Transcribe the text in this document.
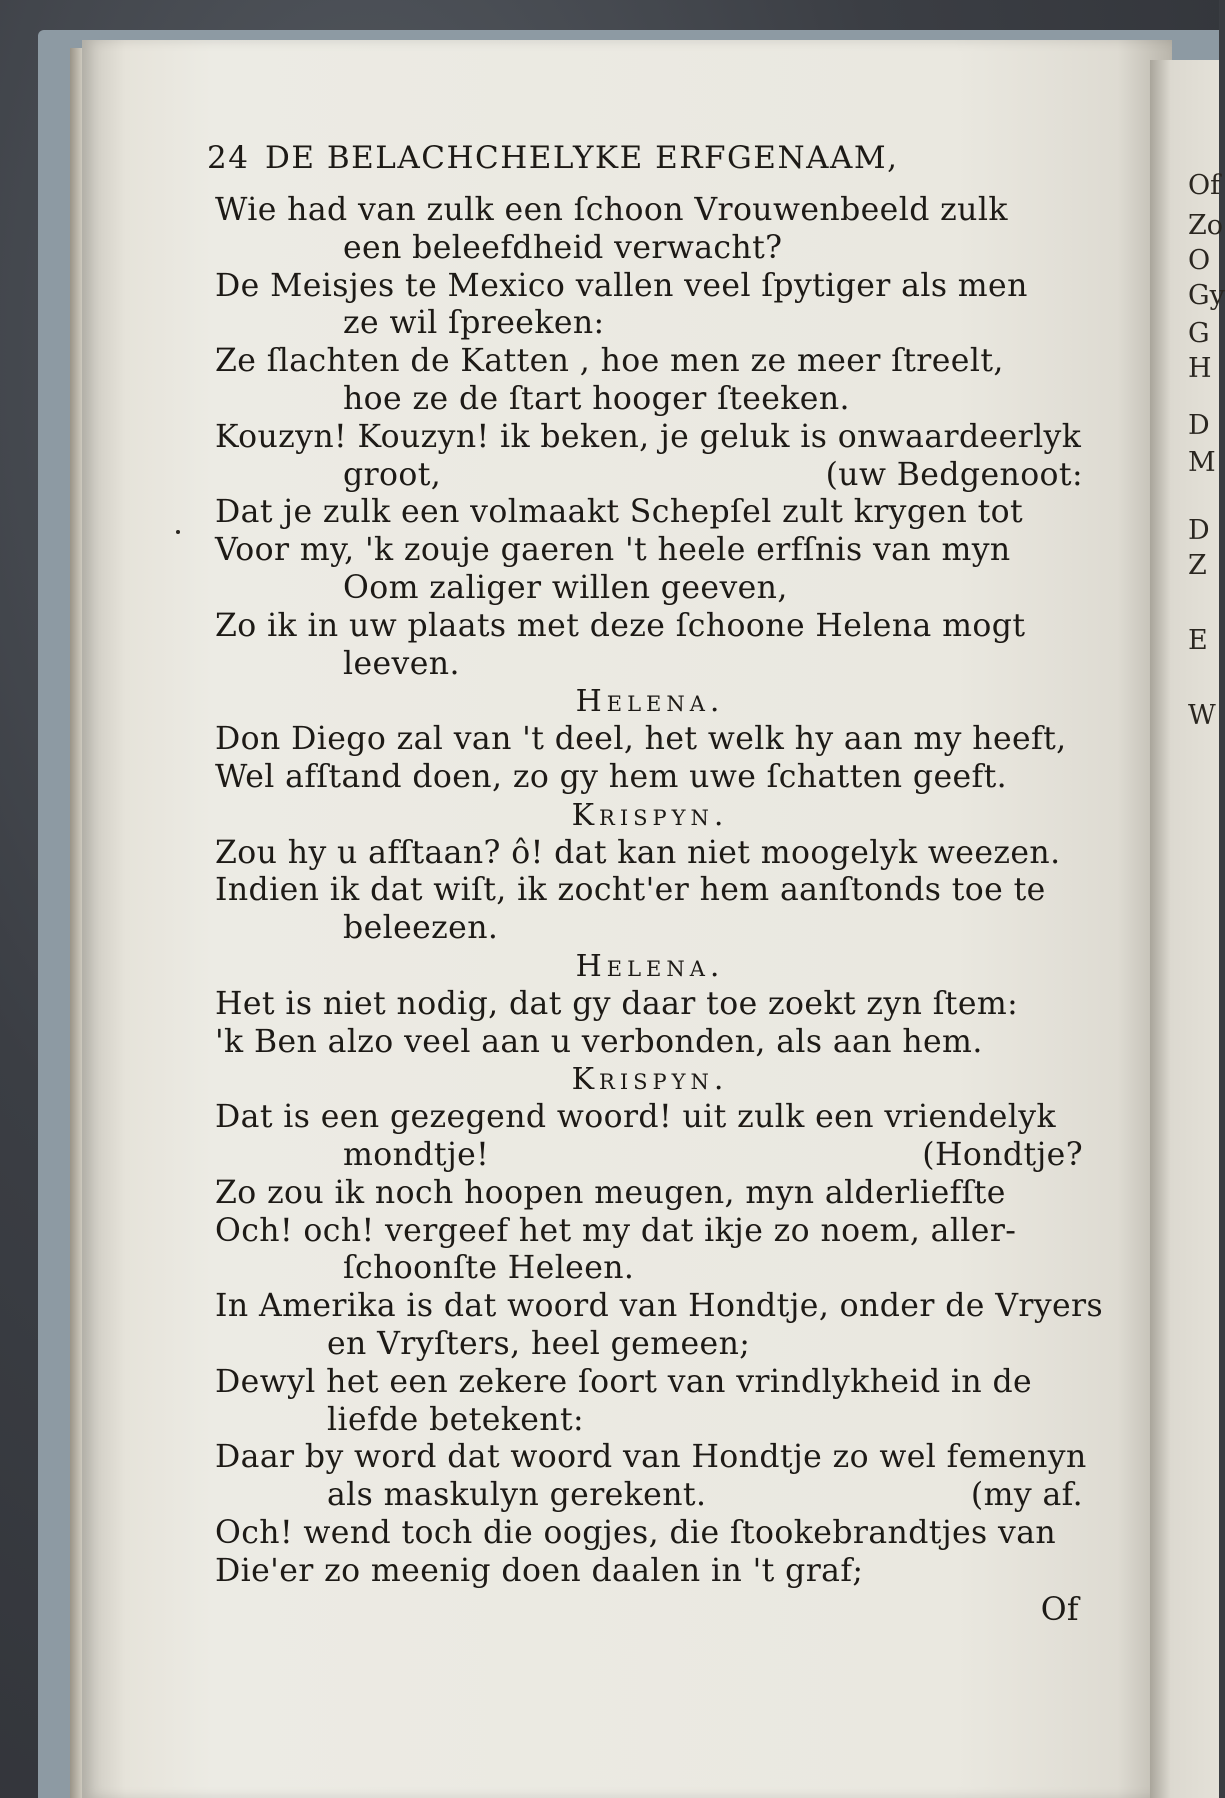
Of
Zo
O
Gy
G
H
D
M
D
Z
E
W
24 DE BELACHCHELYKE ERFGENAAM,
Wie had van zulk een ſchoon Vrouwenbeeld zulk
een beleefdheid verwacht?
De Meisjes te Mexico vallen veel ſpytiger als men
ze wil ſpreeken:
Ze ſlachten de Katten , hoe men ze meer ſtreelt,
hoe ze de ſtart hooger ſteeken.
Kouzyn! Kouzyn! ik beken, je geluk is onwaardeerlyk
groot,	(uw Bedgenoot:
Dat je zulk een volmaakt Schepſel zult krygen tot
Voor my, 'k zouje gaeren 't heele erfſnis van myn
Oom zaliger willen geeven,
Zo ik in uw plaats met deze ſchoone Helena mogt
leeven.
Helena.
Don Diego zal van 't deel, het welk hy aan my heeft,
Wel afſtand doen, zo gy hem uwe ſchatten geeft.
Krispyn.
Zou hy u afſtaan? ô! dat kan niet moogelyk weezen.
Indien ik dat wiſt, ik zocht'er hem aanſtonds toe te
beleezen.
Helena.
Het is niet nodig, dat gy daar toe zoekt zyn ſtem:
'k Ben alzo veel aan u verbonden, als aan hem.
Krispyn.
Dat is een gezegend woord! uit zulk een vriendelyk
mondtje!	(Hondtje?
Zo zou ik noch hoopen meugen, myn alderliefſte
Och! och! vergeef het my dat ikje zo noem, aller-
ſchoonſte Heleen.
In Amerika is dat woord van Hondtje, onder de Vryers
en Vryſters, heel gemeen;
Dewyl het een zekere ſoort van vrindlykheid in de
liefde betekent:
Daar by word dat woord van Hondtje zo wel femenyn
als maskulyn gerekent.	(my af.
Och! wend toch die oogjes, die ſtookebrandtjes van
Die'er zo meenig doen daalen in 't graf;
Of
